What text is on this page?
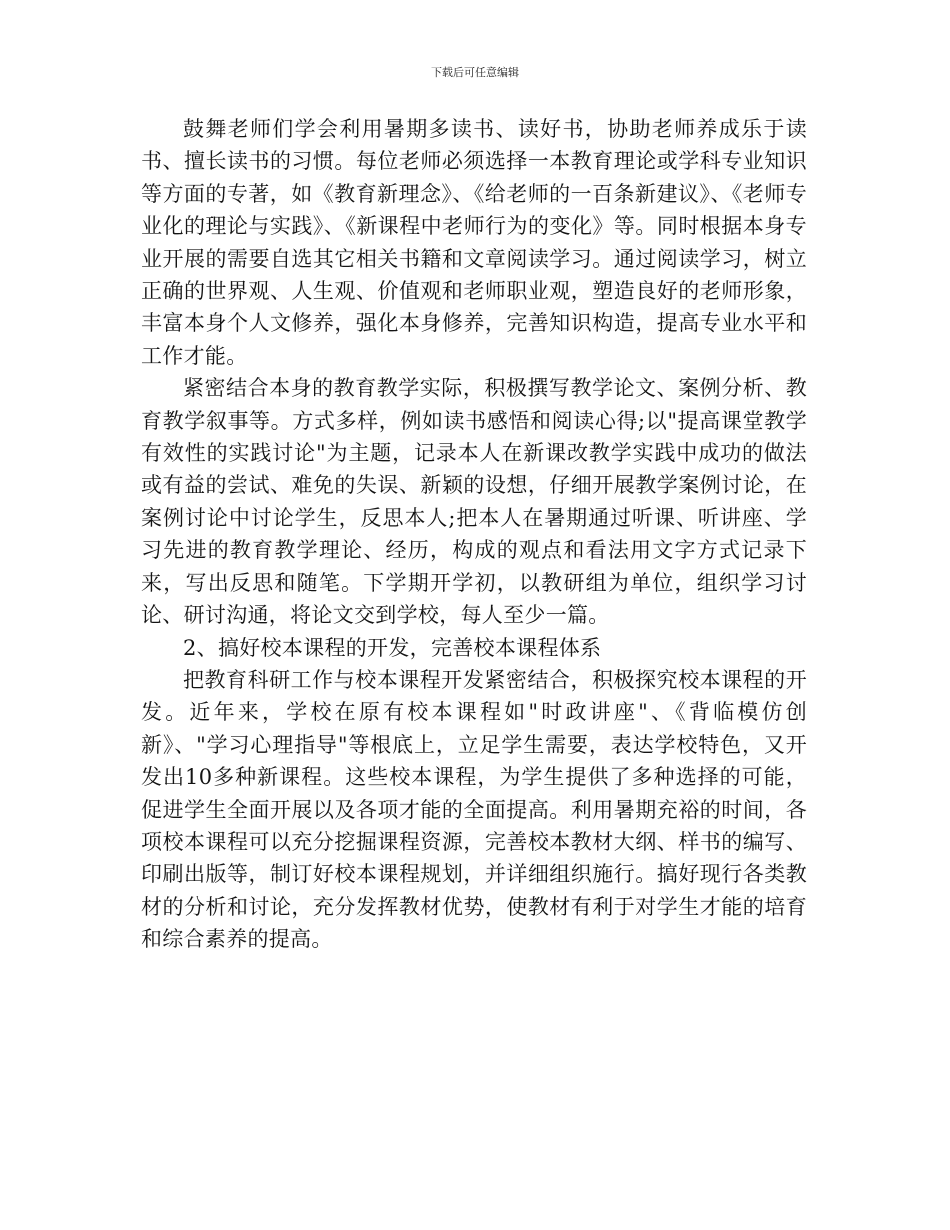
下载后可任意编辑

鼓舞老师们学会利用暑期多读书、读好书，协助老师养成乐于读书、擅长读书的习惯。每位老师必须选择一本教育理论或学科专业知识等方面的专著，如《教育新理念》、《给老师的一百条新建议》、《老师专业化的理论与实践》、《新课程中老师行为的变化》等。同时根据本身专业开展的需要自选其它相关书籍和文章阅读学习。通过阅读学习，树立正确的世界观、人生观、价值观和老师职业观，塑造良好的老师形象，丰富本身个人文修养，强化本身修养，完善知识构造，提高专业水平和工作才能。

紧密结合本身的教育教学实际，积极撰写教学论文、案例分析、教育教学叙事等。方式多样，例如读书感悟和阅读心得;以"提高课堂教学有效性的实践讨论"为主题，记录本人在新课改教学实践中成功的做法或有益的尝试、难免的失误、新颖的设想，仔细开展教学案例讨论，在案例讨论中讨论学生，反思本人;把本人在暑期通过听课、听讲座、学习先进的教育教学理论、经历，构成的观点和看法用文字方式记录下来，写出反思和随笔。下学期开学初，以教研组为单位，组织学习讨论、研讨沟通，将论文交到学校，每人至少一篇。

2、搞好校本课程的开发，完善校本课程体系

把教育科研工作与校本课程开发紧密结合，积极探究校本课程的开发。近年来，学校在原有校本课程如"时政讲座"、《背临模仿创新》、"学习心理指导"等根底上，立足学生需要，表达学校特色，又开发出10多种新课程。这些校本课程，为学生提供了多种选择的可能，促进学生全面开展以及各项才能的全面提高。利用暑期充裕的时间，各项校本课程可以充分挖掘课程资源，完善校本教材大纲、样书的编写、印刷出版等，制订好校本课程规划，并详细组织施行。搞好现行各类教材的分析和讨论，充分发挥教材优势，使教材有利于对学生才能的培育和综合素养的提高。
